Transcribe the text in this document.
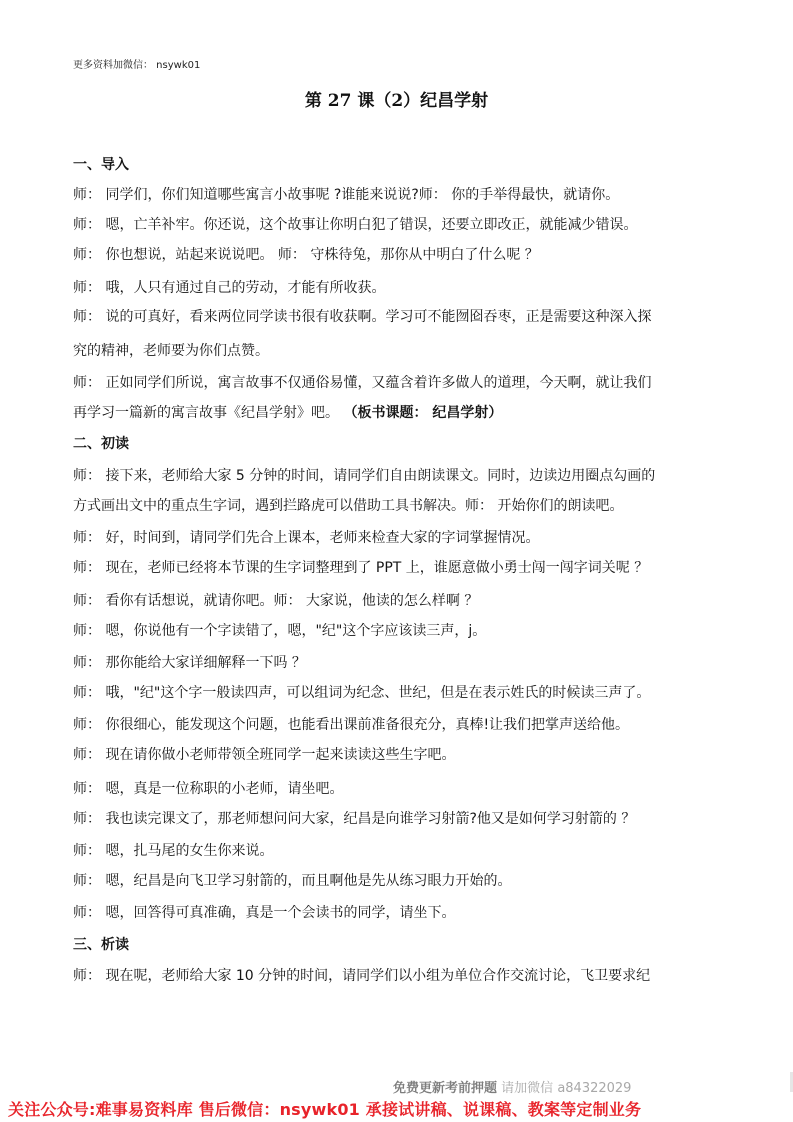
更多资料加微信： nsywk01
第 27 课（2）纪昌学射
一、导入
师： 同学们，你们知道哪些寓言小故事呢 ?谁能来说说?师： 你的手举得最快，就请你。
师： 嗯，亡羊补牢。你还说，这个故事让你明白犯了错误，还要立即改正，就能减少错误。
师： 你也想说，站起来说说吧。 师： 守株待兔，那你从中明白了什么呢 ？
师： 哦，人只有通过自己的劳动，才能有所收获。
师： 说的可真好，看来两位同学读书很有收获啊。学习可不能囫囵吞枣，正是需要这种深入探
究的精神，老师要为你们点赞。
师： 正如同学们所说，寓言故事不仅通俗易懂，又蕴含着许多做人的道理，今天啊，就让我们
再学习一篇新的寓言故事《纪昌学射》吧。 （板书课题： 纪昌学射）
二、初读
师： 接下来，老师给大家 5 分钟的时间，请同学们自由朗读课文。同时，边读边用圈点勾画的
方式画出文中的重点生字词，遇到拦路虎可以借助工具书解决。师： 开始你们的朗读吧。
师： 好，时间到，请同学们先合上课本，老师来检查大家的字词掌握情况。
师： 现在，老师已经将本节课的生字词整理到了 PPT 上，谁愿意做小勇士闯一闯字词关呢 ？
师： 看你有话想说，就请你吧。师： 大家说，他读的怎么样啊 ？
师： 嗯，你说他有一个字读错了，嗯，"纪"这个字应该读三声，j。
师： 那你能给大家详细解释一下吗 ？
师： 哦，"纪"这个字一般读四声，可以组词为纪念、世纪，但是在表示姓氏的时候读三声了。
师： 你很细心，能发现这个问题，也能看出课前准备很充分，真棒!让我们把掌声送给他。
师： 现在请你做小老师带领全班同学一起来读读这些生字吧。
师： 嗯，真是一位称职的小老师，请坐吧。
师： 我也读完课文了，那老师想问问大家，纪昌是向谁学习射箭?他又是如何学习射箭的 ？
师： 嗯，扎马尾的女生你来说。
师： 嗯，纪昌是向飞卫学习射箭的，而且啊他是先从练习眼力开始的。
师： 嗯，回答得可真准确，真是一个会读书的同学，请坐下。
三、析读
师： 现在呢，老师给大家 10 分钟的时间，请同学们以小组为单位合作交流讨论，飞卫要求纪
免费更新考前押题 请加微信 a84322029
关注公众号:难事易资料库 售后微信：nsywk01 承接试讲稿、说课稿、教案等定制业务
